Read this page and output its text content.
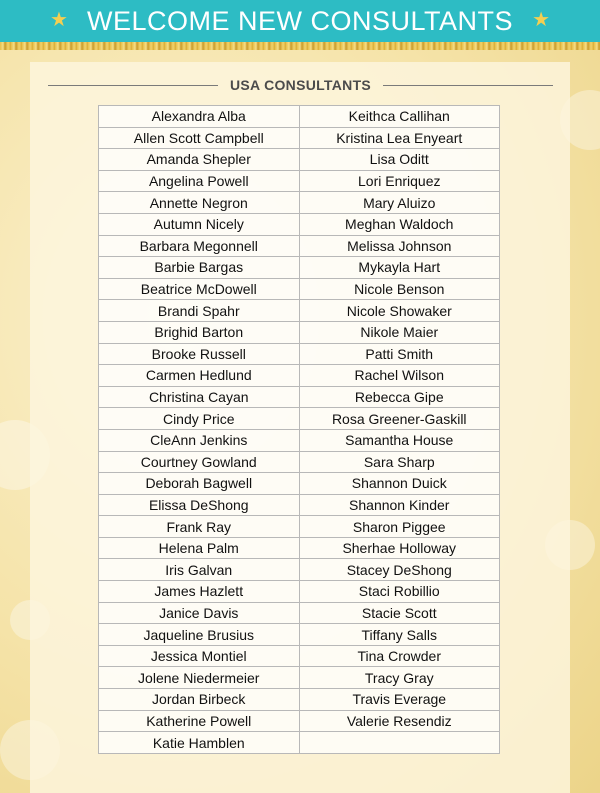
★ WELCOME NEW CONSULTANTS ★
USA CONSULTANTS
Alexandra Alba	Keithca Callihan
Allen Scott Campbell	Kristina Lea Enyeart
Amanda Shepler	Lisa Oditt
Angelina Powell	Lori Enriquez
Annette Negron	Mary Aluizo
Autumn Nicely	Meghan Waldoch
Barbara Megonnell	Melissa Johnson
Barbie Bargas	Mykayla Hart
Beatrice McDowell	Nicole Benson
Brandi Spahr	Nicole Showaker
Brighid Barton	Nikole Maier
Brooke Russell	Patti Smith
Carmen Hedlund	Rachel Wilson
Christina Cayan	Rebecca Gipe
Cindy Price	Rosa Greener-Gaskill
CleAnn Jenkins	Samantha House
Courtney Gowland	Sara Sharp
Deborah Bagwell	Shannon Duick
Elissa DeShong	Shannon Kinder
Frank Ray	Sharon Piggee
Helena Palm	Sherhae Holloway
Iris Galvan	Stacey DeShong
James Hazlett	Staci Robillio
Janice Davis	Stacie Scott
Jaqueline Brusius	Tiffany Salls
Jessica Montiel	Tina Crowder
Jolene Niedermeier	Tracy Gray
Jordan Birbeck	Travis Everage
Katherine Powell	Valerie Resendiz
Katie Hamblen	
